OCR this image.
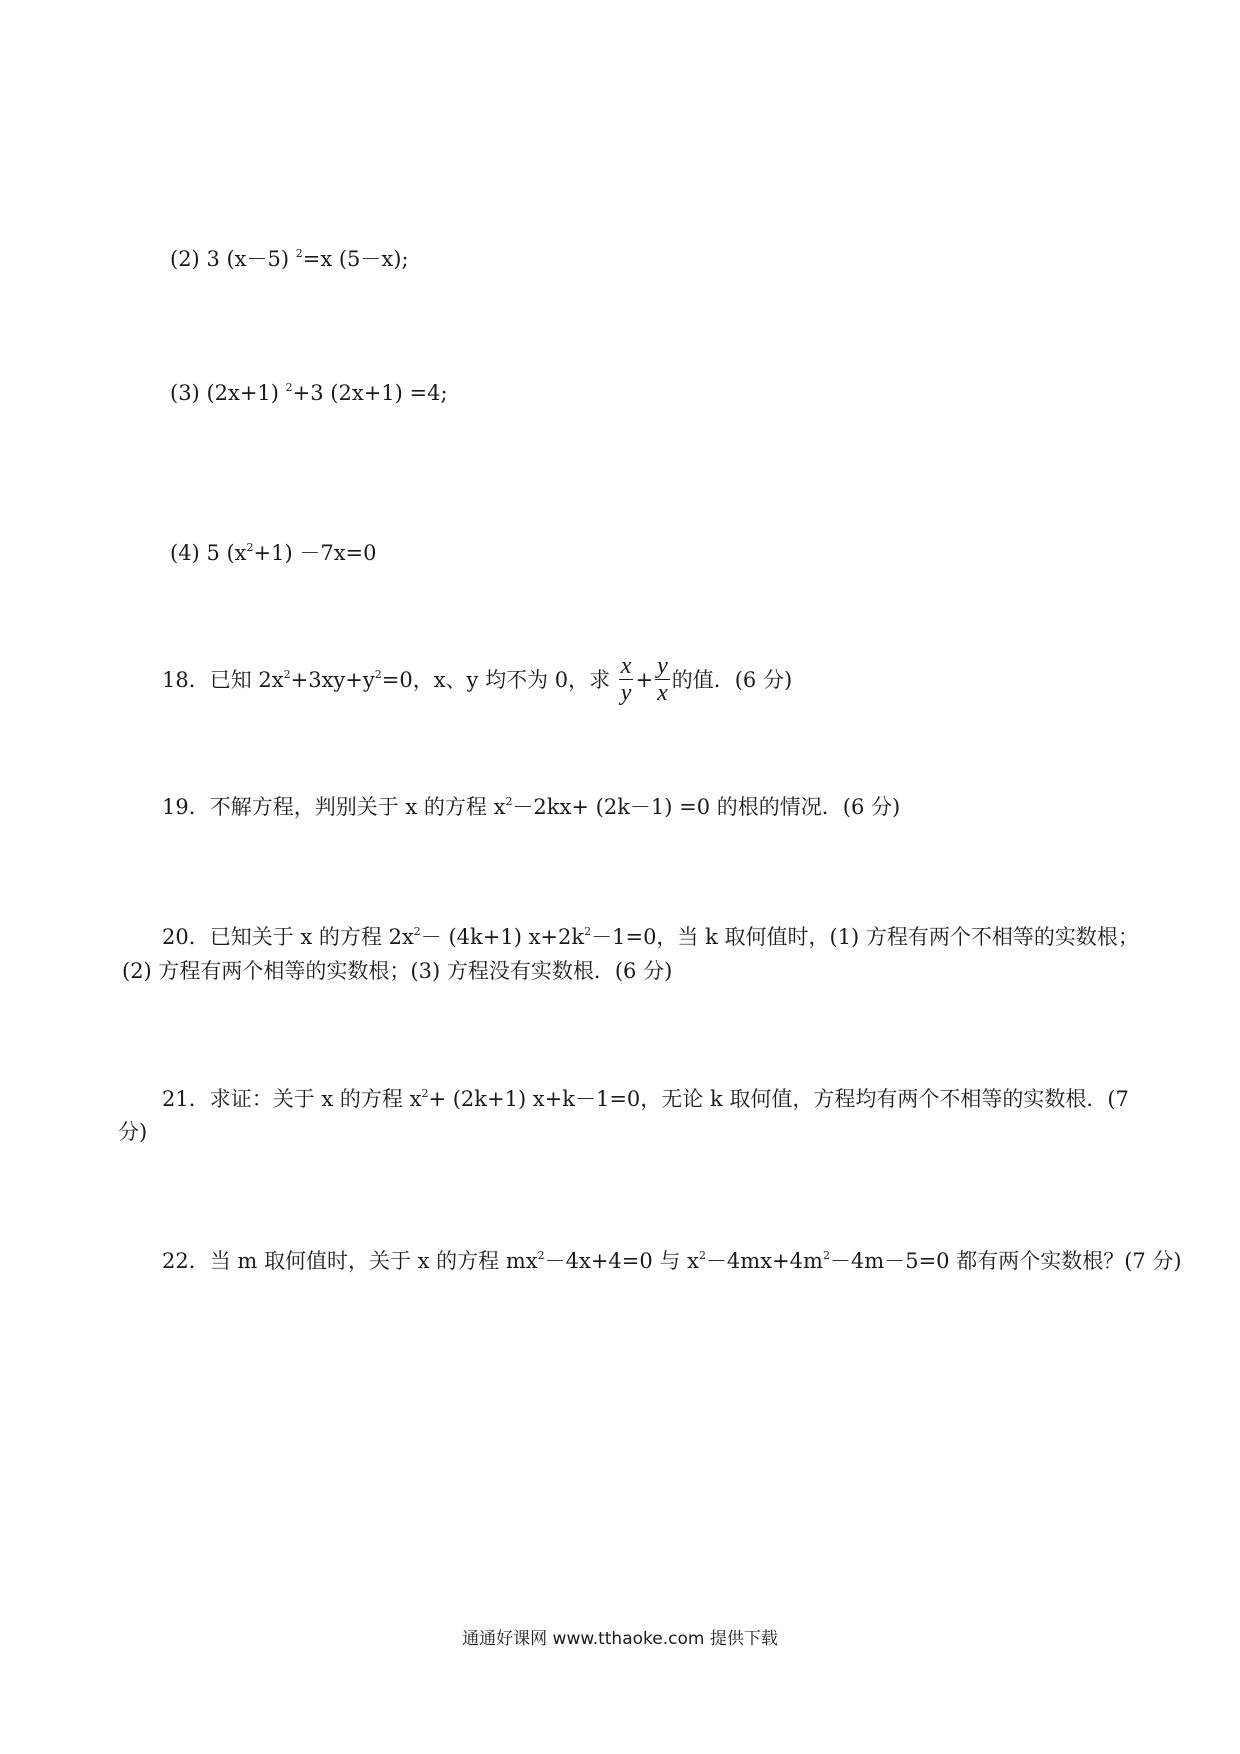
(2) 3 (x－5) $^2$=x (5－x);
(3) (2x+1) $^2$+3 (2x+1) =4;
(4) 5 $(x^2+1) -7x=0$
18．已知 $2x^2+3xy+y^2=0$，x、y 均不为 0，求 $\frac{x}{y} + \frac{y}{x}$ 的值．(6 分)
19．不解方程，判别关于 x 的方程 $x^2-2kx+ (2k-1) =0$ 的根的情况．(6 分)
20．已知关于 x 的方程 $2x^2- (4k+1)$ $x+2k^2-1=0$，当 k 取何值时，(1) 方程有两个不相等的实数根；
(2) 方程有两个相等的实数根；(3) 方程没有实数根．(6 分)
21．求证：关于 x 的方程 $x^2+ (2k+1)$ x+k－1=0，无论 k 取何值，方程均有两个不相等的实数根．(7
分)
22．当 m 取何值时，关于 x 的方程 $mx^2-4x+4=0$ 与 $x^2-4mx+4m^2-4m-5=0$ 都有两个实数根？(7 分)
通通好课网 www.tthaoke.com 提供下载
